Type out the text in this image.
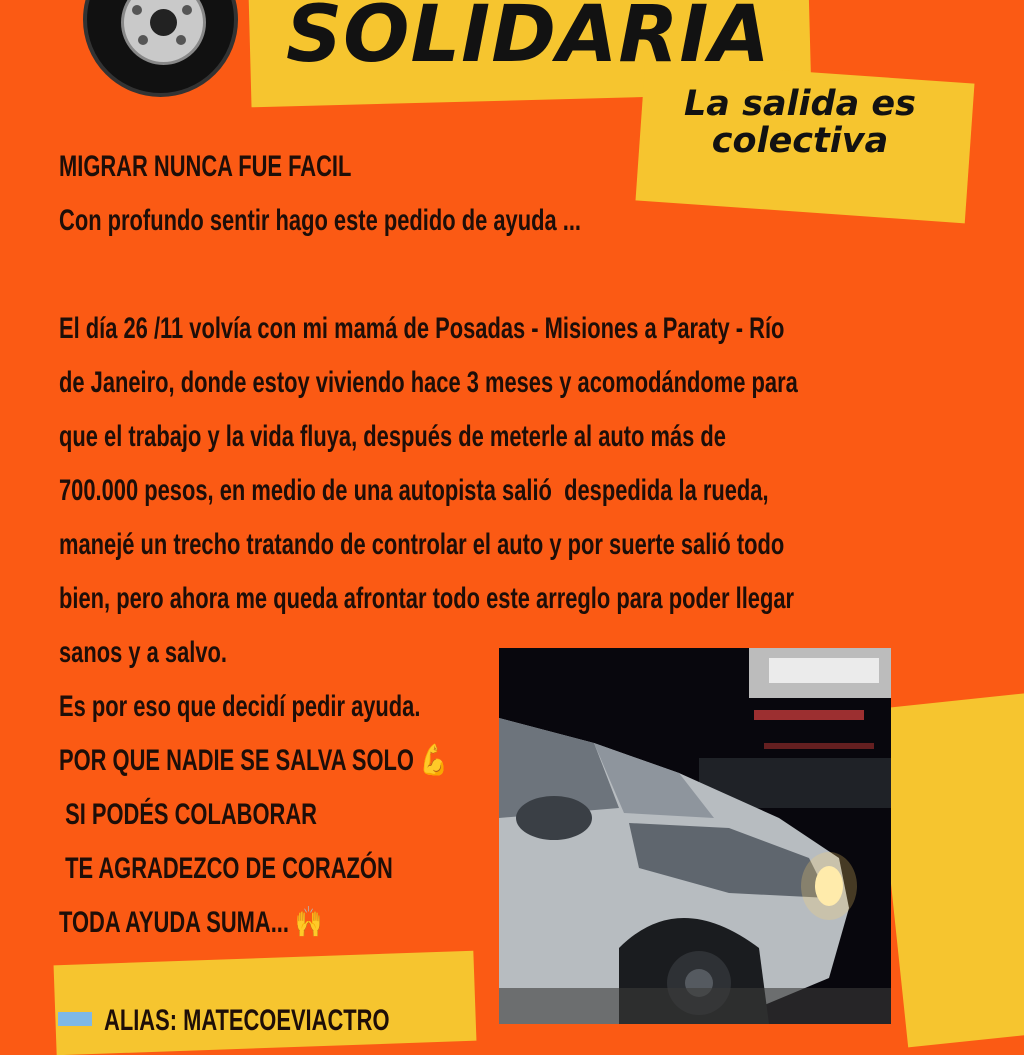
SOLIDARIA

La salida es
colectiva

MIGRAR NUNCA FUE FACIL
Con profundo sentir hago este pedido de ayuda ...

El día 26 /11 volvía con mi mamá de Posadas - Misiones a Paraty - Río
de Janeiro, donde estoy viviendo hace 3 meses y acomodándome para
que el trabajo y la vida fluya, después de meterle al auto más de
700.000 pesos, en medio de una autopista salió  despedida la rueda,
manejé un trecho tratando de controlar el auto y por suerte salió todo
bien, pero ahora me queda afrontar todo este arreglo para poder llegar
sanos y a salvo.
Es por eso que decidí pedir ayuda.
POR QUE NADIE SE SALVA SOLO 💪
SI PODÉS COLABORAR
TE AGRADEZCO DE CORAZÓN
TODA AYUDA SUMA... 🙌

ALIAS: MATECOEVIACTRO
